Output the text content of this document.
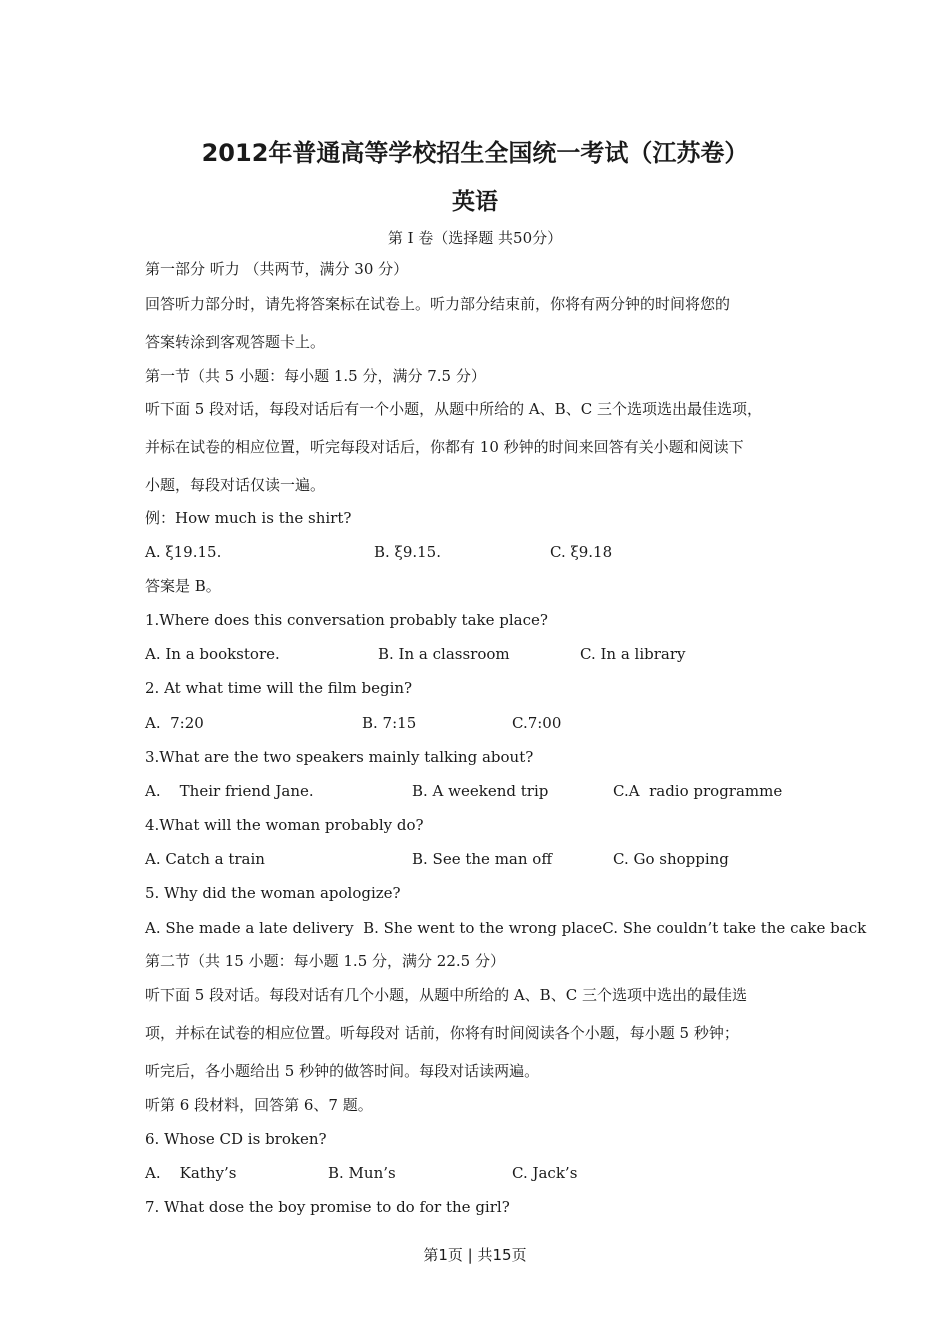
2012年普通高等学校招生全国统一考试（江苏卷）
英语
第 I 卷（选择题 共50分）
第一部分 听力 （共两节，满分 30 分）
回答听力部分时，请先将答案标在试卷上。听力部分结束前，你将有两分钟的时间将您的
答案转涂到客观答题卡上。
第一节（共 5 小题：每小题 1.5 分，满分 7.5 分）
听下面 5 段对话，每段对话后有一个小题，从题中所给的 A、B、C 三个选项选出最佳选项，
并标在试卷的相应位置，听完每段对话后，你都有 10 秒钟的时间来回答有关小题和阅读下
小题，每段对话仅读一遍。
例：How much is the shirt?
A. ξ19.15.	B. ξ9.15.	C. ξ9.18
答案是 B。
1.Where does this conversation probably take place?
A. In a bookstore.	B. In a classroom	C. In a library
2. At what time will the film begin?
A.  7:20	B. 7:15	C.7:00
3.What are the two speakers mainly talking about?
A.    Their friend Jane.	B. A weekend trip	C.A  radio programme
4.What will the woman probably do?
A. Catch a train	B. See the man off	C. Go shopping
5. Why did the woman apologize?
A. She made a late delivery  B. She went to the wrong placeC. She couldn’t take the cake back
第二节（共 15 小题：每小题 1.5 分，满分 22.5 分）
听下面 5 段对话。每段对话有几个小题，从题中所给的 A、B、C 三个选项中选出的最佳选
项，并标在试卷的相应位置。听每段对 话前，你将有时间阅读各个小题，每小题 5 秒钟；
听完后，各小题给出 5 秒钟的做答时间。每段对话读两遍。
听第 6 段材料，回答第 6、7 题。
6. Whose CD is broken?
A.    Kathy’s	B. Mun’s	C. Jack’s
7. What dose the boy promise to do for the girl?
第1页 | 共15页
